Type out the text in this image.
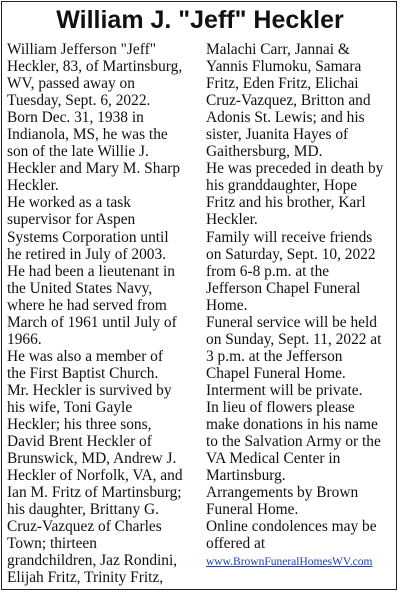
William J. "Jeff" Heckler
William Jefferson "Jeff"
Heckler, 83, of Martinsburg,
WV, passed away on
Tuesday, Sept. 6, 2022.
Born Dec. 31, 1938 in
Indianola, MS, he was the
son of the late Willie J.
Heckler and Mary M. Sharp
Heckler.
He worked as a task
supervisor for Aspen
Systems Corporation until
he retired in July of 2003.
He had been a lieutenant in
the United States Navy,
where he had served from
March of 1961 until July of
1966.
He was also a member of
the First Baptist Church.
Mr. Heckler is survived by
his wife, Toni Gayle
Heckler; his three sons,
David Brent Heckler of
Brunswick, MD, Andrew J.
Heckler of Norfolk, VA, and
Ian M. Fritz of Martinsburg;
his daughter, Brittany G.
Cruz-Vazquez of Charles
Town; thirteen
grandchildren, Jaz Rondini,
Elijah Fritz, Trinity Fritz,
Malachi Carr, Jannai &
Yannis Flumoku, Samara
Fritz, Eden Fritz, Elichai
Cruz-Vazquez, Britton and
Adonis St. Lewis; and his
sister, Juanita Hayes of
Gaithersburg, MD.
He was preceded in death by
his granddaughter, Hope
Fritz and his brother, Karl
Heckler.
Family will receive friends
on Saturday, Sept. 10, 2022
from 6-8 p.m. at the
Jefferson Chapel Funeral
Home.
Funeral service will be held
on Sunday, Sept. 11, 2022 at
3 p.m. at the Jefferson
Chapel Funeral Home.
Interment will be private.
In lieu of flowers please
make donations in his name
to the Salvation Army or the
VA Medical Center in
Martinsburg.
Arrangements by Brown
Funeral Home.
Online condolences may be
offered at
www.BrownFuneralHomesWV.com
